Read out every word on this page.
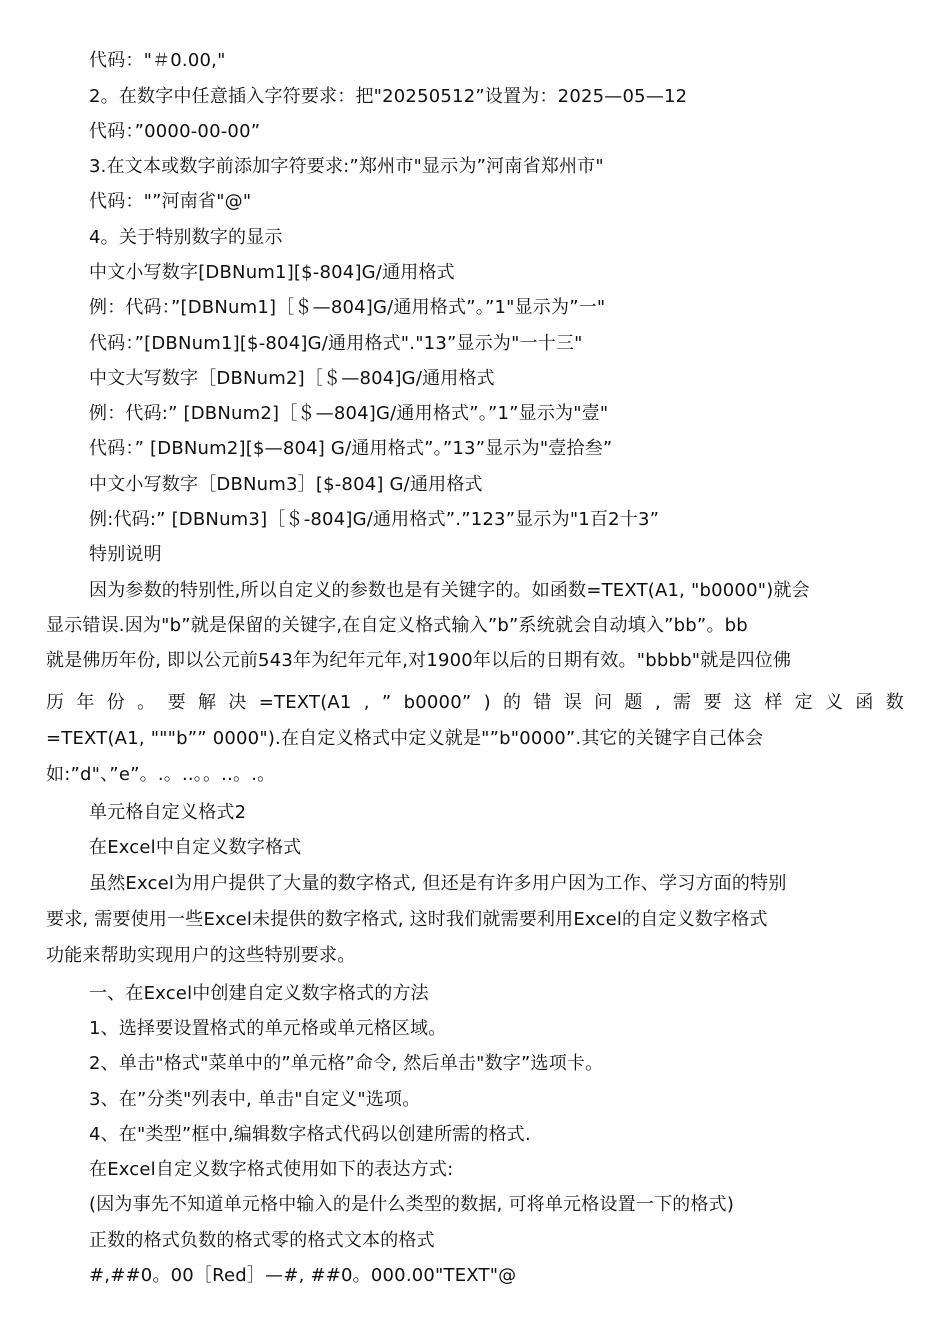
代码："＃0.00,"
2。在数字中任意插入字符要求：把"20250512”设置为：2025—05—12
代码：”0000-00-00”
3.在文本或数字前添加字符要求:”郑州市"显示为”河南省郑州市"
代码："”河南省"@"
4。关于特别数字的显示
中文小写数字[DBNum1][$-804]G/通用格式
例：代码：”[DBNum1]［＄—804]G/通用格式”。”1"显示为”一"
代码：”[DBNum1][$-804]G/通用格式"."13”显示为"一十三"
中文大写数字［DBNum2]［＄—804]G/通用格式
例：代码:” [DBNum2]［＄—804]G/通用格式”。”1”显示为"壹"
代码：” [DBNum2][$—804] G/通用格式”。”13”显示为"壹拾叁”
中文小写数字［DBNum3］[$-804] G/通用格式
例:代码:” [DBNum3]［＄-804]G/通用格式”.”123”显示为"1百2十3”
特别说明
因为参数的特别性,所以自定义的参数也是有关键字的。如函数=TEXT(A1, "b0000")就会
显示错误.因为"b”就是保留的关键字,在自定义格式输入”b”系统就会自动填入”bb”。bb
就是佛历年份, 即以公元前543年为纪年元年,对1900年以后的日期有效。"bbbb"就是四位佛
历 年 份 。 要 解 决 =TEXT(A1 , ” b0000” ) 的 错 误 问 题 , 需 要 这 样 定 义 函 数
=TEXT(A1, """b”” 0000").在自定义格式中定义就是"”b"0000”.其它的关键字自己体会
如:”d"、”e”。.。..。。..。.。
单元格自定义格式2
在Excel中自定义数字格式
虽然Excel为用户提供了大量的数字格式, 但还是有许多用户因为工作、学习方面的特别
要求, 需要使用一些Excel未提供的数字格式, 这时我们就需要利用Excel的自定义数字格式
功能来帮助实现用户的这些特别要求。
一、在Excel中创建自定义数字格式的方法
1、选择要设置格式的单元格或单元格区域。
2、单击"格式"菜单中的”单元格”命令, 然后单击"数字”选项卡。
3、在”分类"列表中, 单击"自定义"选项。
4、在"类型”框中,编辑数字格式代码以创建所需的格式.
在Excel自定义数字格式使用如下的表达方式:
(因为事先不知道单元格中输入的是什么类型的数据, 可将单元格设置一下的格式)
正数的格式负数的格式零的格式文本的格式
#,##0。00［Red］—#, ##0。000.00"TEXT"@
